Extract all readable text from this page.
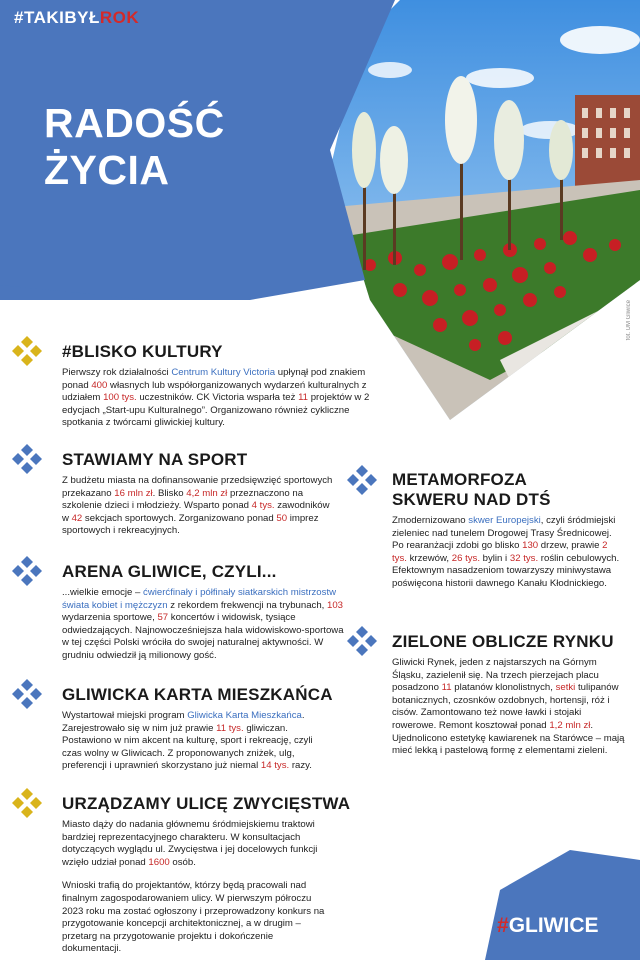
fot. UM Gliwice
#TAKIBYŁROK
RADOŚĆ
ŻYCIA
#BLISKO KULTURY

Pierwszy rok działalności Centrum Kultury Victoria upłynął pod znakiem ponad 400 własnych lub współorganizowanych wydarzeń kulturalnych z udziałem 100 tys. uczestników. CK Victoria wsparła też 11 projektów w 2 edycjach „Start-upu Kulturalnego”. Organizowano również cykliczne spotkania z twórcami gliwickiej kultury.

STAWIAMY NA SPORT

Z budżetu miasta na dofinansowanie przedsięwzięć sportowych przekazano 16 mln zł. Blisko 4,2 mln zł przeznaczono na szkolenie dzieci i młodzieży. Wsparto ponad 4 tys. zawodników w 42 sekcjach sportowych. Zorganizowano ponad 50 imprez sportowych i rekreacyjnych.

ARENA GLIWICE, CZYLI...

...wielkie emocje – ćwierćfinały i półfinały siatkarskich mistrzostw świata kobiet i mężczyzn z rekordem frekwencji na trybunach, 103 wydarzenia sportowe, 57 koncertów i widowisk, tysiące odwiedzających. Najnowocześniejsza hala widowiskowo-sportowa w tej części Polski wróciła do swojej naturalnej aktywności. W grudniu odwiedził ją milionowy gość.

GLIWICKA KARTA MIESZKAŃCA

Wystartował miejski program Gliwicka Karta Mieszkańca. Zarejestrowało się w nim już prawie 11 tys. gliwiczan. Postawiono w nim akcent na kulturę, sport i rekreację, czyli czas wolny w Gliwicach. Z proponowanych zniżek, ulg, preferencji i uprawnień skorzystano już niemal 14 tys. razy.

URZĄDZAMY ULICĘ ZWYCIĘSTWA

Miasto dąży do nadania głównemu śródmiejskiemu traktowi bardziej reprezentacyjnego charakteru. W konsultacjach dotyczących wyglądu ul. Zwycięstwa i jej docelowych funkcji wzięło udział ponad 1600 osób.

Wnioski trafią do projektantów, którzy będą pracowali nad finalnym zagospodarowaniem ulicy. W pierwszym półroczu 2023 roku ma zostać ogłoszony i przeprowadzony konkurs na przygotowanie koncepcji architektonicznej, a w drugim – przetarg na przygotowanie projektu i dokończenie dokumentacji.

METAMORFOZA
SKWERU NAD DTŚ

Zmodernizowano skwer Europejski, czyli śródmiejski zieleniec nad tunelem Drogowej Trasy Średnicowej. Po rearanżacji zdobi go blisko 130 drzew, prawie 2 tys. krzewów, 26 tys. bylin i 32 tys. roślin cebulowych. Efektownym nasadzeniom towarzyszy miniwystawa poświęcona historii dawnego Kanału Kłodnickiego.

ZIELONE OBLICZE RYNKU

Gliwicki Rynek, jeden z najstarszych na Górnym Śląsku, zazielenił się. Na trzech pierzejach placu posadzono 11 platanów klonolistnych, setki tulipanów botanicznych, czosnków ozdobnych, hortensji, róż i cisów. Zamontowano też nowe ławki i stojaki rowerowe. Remont kosztował ponad 1,2 mln zł. Ujednolicono estetykę kawiarenek na Starówce – mają mieć lekką i pastelową formę z elementami zieleni.

#GLIWICE
